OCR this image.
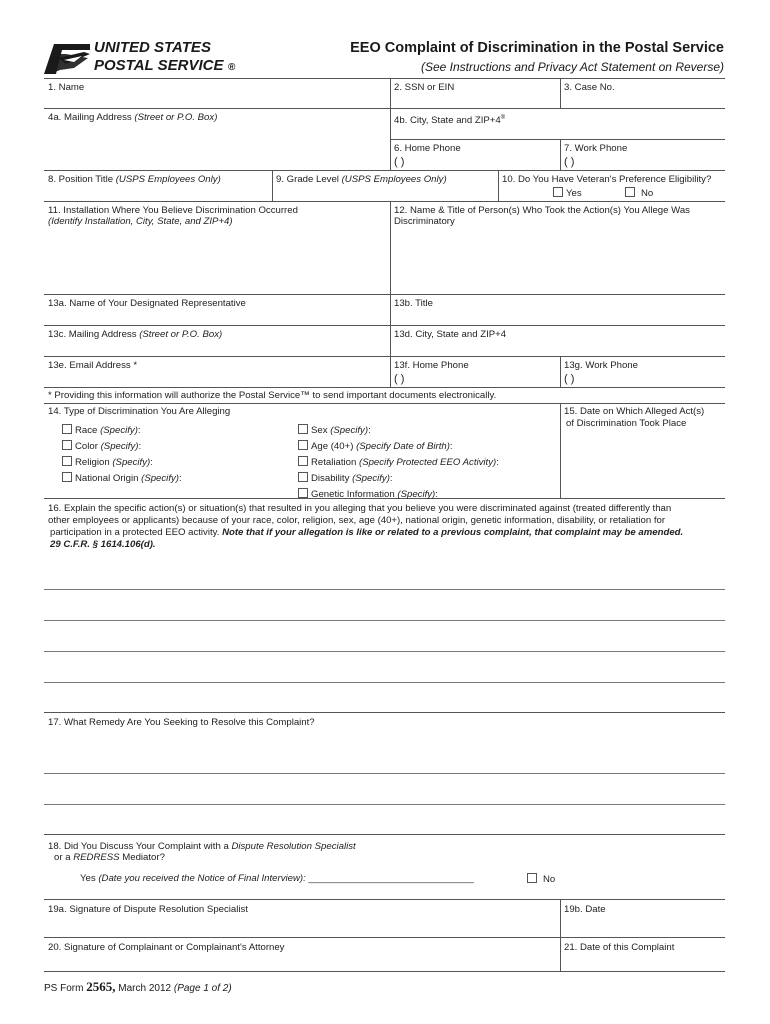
UNITED STATES
POSTAL SERVICE ®
EEO Complaint of Discrimination in the Postal Service
(See Instructions and Privacy Act Statement on Reverse)
1. Name	2. SSN or EIN	3. Case No.
4a. Mailing Address (Street or P.O. Box)	4b. City, State and ZIP+4®
6. Home Phone	7. Work Phone
( )	( )
8. Position Title (USPS Employees Only)	9. Grade Level (USPS Employees Only)	10. Do You Have Veteran's Preference Eligibility?
Yes	No
11. Installation Where You Believe Discrimination Occurred
(Identify Installation, City, State, and ZIP+4)
12. Name & Title of Person(s) Who Took the Action(s) You Allege Was
Discriminatory
13a. Name of Your Designated Representative	13b. Title
13c. Mailing Address (Street or P.O. Box)	13d. City, State and ZIP+4
13e. Email Address *	13f. Home Phone	13g. Work Phone
( )	( )
* Providing this information will authorize the Postal Service™ to send important documents electronically.
14. Type of Discrimination You Are Alleging	15. Date on Which Alleged Act(s)
of Discrimination Took Place
Race (Specify):
Color (Specify):
Religion (Specify):
National Origin (Specify):
Sex (Specify):
Age (40+) (Specify Date of Birth):
Retaliation (Specify Protected EEO Activity):
Disability (Specify):
Genetic Information (Specify):
16. Explain the specific action(s) or situation(s) that resulted in you alleging that you believe you were discriminated against (treated differently than
other employees or applicants) because of your race, color, religion, sex, age (40+), national origin, genetic information, disability, or retaliation for
participation in a protected EEO activity. Note that if your allegation is like or related to a previous complaint, that complaint may be amended.
29 C.F.R. § 1614.106(d).
17. What Remedy Are You Seeking to Resolve this Complaint?
18. Did You Discuss Your Complaint with a Dispute Resolution Specialist
or a REDRESS Mediator?
Yes (Date you received the Notice of Final Interview): _______________________________	No
19a. Signature of Dispute Resolution Specialist	19b. Date
20. Signature of Complainant or Complainant's Attorney	21. Date of this Complaint
PS Form 2565, March 2012 (Page 1 of 2)
